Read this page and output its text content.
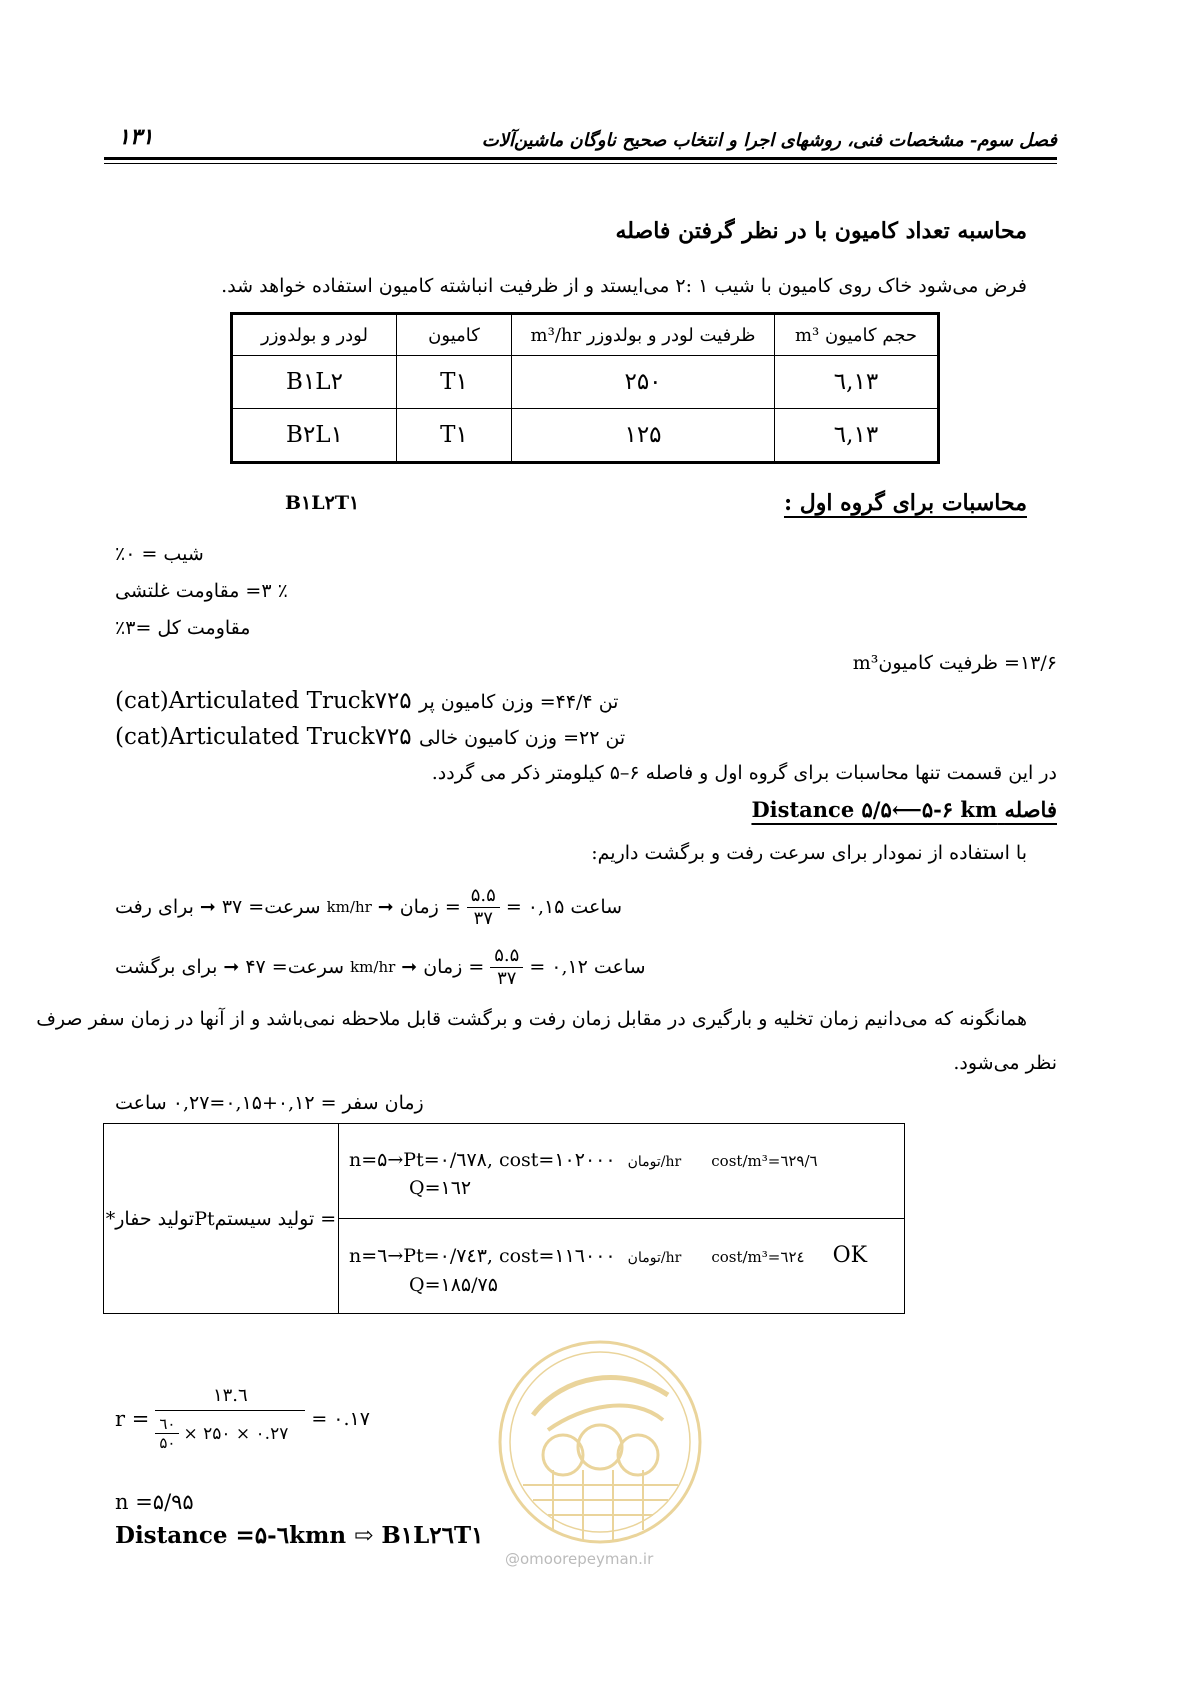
۱۳۱	فصل سوم- مشخصات فنی، روشهای اجرا و انتخاب صحیح ناوگان ماشین‌آلات
محاسبه تعداد کامیون با در نظر گرفتن فاصله
فرض می‌شود خاک روی کامیون با شیب ۱ :۲ می‌ایستد و از ظرفیت انباشته کامیون استفاده خواهد شد.
حجم کامیون m³	ظرفیت لودر و بولدوزر m³/hr	کامیون	لودر و بولدوزر
۱۳,٦	۲۵۰	T۱	B۱L۲
۱۳,٦	۱۲۵	T۱	B۲L۱
محاسبات برای گروه اول :
B۱L۲T۱
شیب = ۰٪
٪ ۳= مقاومت غلتشی
مقاومت کل =۳٪
m³۱۳/۶= ظرفیت کامیون
(cat)Articulated Truck۷۲۵ تن ۴۴/۴= وزن کامیون پر
(cat)Articulated Truck۷۲۵ تن ۲۲= وزن کامیون خالی
در این قسمت تنها محاسبات برای گروه اول و فاصله ۶–۵ کیلومتر ذکر می گردد.
Distance ۵/۵⟵۵-۶ km فاصله
با استفاده از نمودار برای سرعت رفت و برگشت داریم:
برای رفت ➞ سرعت= ۳۷ km/hr ➞ زمان = $\frac{۵.۵}{۳۷}$ = ۰,۱۵ ساعت
برای برگشت ➞ سرعت= ۴۷ km/hr ➞ زمان = $\frac{۵.۵}{۳۷}$ = ۰,۱۲ ساعت
همانگونه که می‌دانیم زمان تخلیه و بارگیری در مقابل زمان رفت و برگشت قابل ملاحظه نمی‌باشد و از آنها در زمان سفر صرف
نظر می‌شود.
زمان سفر = ۰,۱۲+۰,۱۵=۰,۲۷ ساعت
= تولید سیستمPtتولید حفار*	
n=۵→Pt=۰/٦۷۸, cost=۱۰۲۰۰۰ تومان/hr cost/m³=٦۲۹/٦
Q=۱٦۲

n=٦→Pt=۰/۷٤۳, cost=۱۱٦۰۰۰ تومان/hr cost/m³=٦۲٤ OK
Q=۱۸۵/۷۵
$r = \frac{۱۳.٦}{\frac{٦۰}{۵۰} \times ۲۵۰ \times ۰.۲۷}$ = ۰.۱۷
n =۵/۹۵
Distance =۵-٦kmn ⇨ B۱L۲٦T۱
@omoorepeyman.ir
